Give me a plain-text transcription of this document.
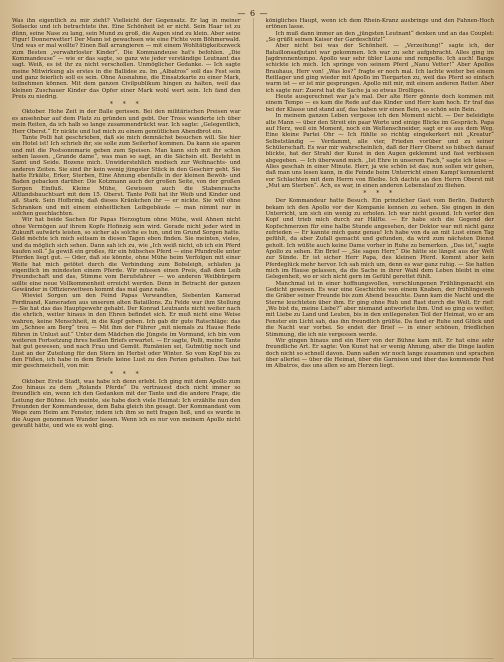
— 6 —

Was ihn eigentlich zu mir zieht? Vielleicht der Gegensatz. Er lag in meiner Sofaecke und ich betrachtete ihn. Eine Schönheit ist er nicht. Sein Haar ist zu dünn, seine Nase zu lang, sein Mund zu groß, die Augen sind zu klein. Aber seine Figur! Donnerwetter! Der Mann ist gewachsen wie eine Fichte vom Böhmerwald. Und was er mal wollte? Einen Ball arrangieren — mit einem Wohltätigkeitszweck zum Besten „verwahrloster Kinder“. Die Kommandeuse hat's befohlen. „Die Kommandeuse“ — wie er das sagte, so ganz wie jeder verständige Leutnant das sagt. Weiß, es ist ihr zu nicht verschollen. Unmöglicher Gedanke. — Ich sagte meine Mitwirkung als erstes in die Ballidee zu. Im „Albatros“ soll das Fest sein und ganz feierlich soll es sein. Ohne Ausnahme, die Einsatzkarte zu einer Mark, teilnehmen können. Mit dem ganzen Civilpublikum hingen zu halten, weil das kleinen Zuschauer Kinder das Opfer einer Mark wohl wert sein. Ich fand den Preis zu niedrig.

* * *

Oktober. Hohe Zeit in der Balle gerissen. Bei den militärischen Preisen war es ansehnbar auf dem Platz zu gründen und gebt. Der Tross wanderte ich über mein Reiten, da ich halb so lange zusammendrückt war. Ich sagte: „Gelegentlich, Herr Oberst.“ Er nickte und lud mich zu einem gemütlichen Abendbrot ein.

Tante Polli hat geschrieben, daß sie mich demnächst besuchen will. Sie hier ein Hotel ist! Ich schrieb ihr, sie solle zum Seilerhof kommen. Da kann sie sparen und mit die Postsonnmarie geben zum Speisen. Man kann sich mit ihr schon sehen lassen. „Grande dame“, was man so sagt, an die Sächsin elt. Besteht in Samt und Seide. Bozene mich. Unwiderstehlich modisch zur Weihnachts- und anderen Zeiten. Sie sind ihr kein wenig jüngster Stück in den Geschirr geht. Sie hatte Erkälte, Erker, Sterben, Eine Ahnung ebenfalls in der kleinen Bewöh- und Baden gebacken darüber. Die Kotzmann auch der großen Seite, von der großen Sorgen Einfluß. Kleine Mühe, Gewissen auch die Stabenrauchs Altlandsbauchtsart mit dem 15. Oberst. Tante Polli hat ihr Weib und Kinder und all. Stark. Sein Hofbrink; daß dieses Kränkchen ihr — er nickte. Sie will ohne Schranken und mit einem einheitlichen Leibgebäude — man nimmt nur in solchen geschlachten.

Wir hat beide Sachen für Papas Herzogtum ohne Mühe, weil Ahnen nicht ohne Vermögen auf ihrem Kopfe Hofinzig sein wird. Gerade nicht jeder wird in Zukunft aufwärts leisten, so sicher als solche es tun, und im Grund Sorgen hatte. Geld möchte ich mich seltsam in diesen Tagen eben finden. Sie meinten, vieles, und da möglich sich sehen. Dann sah ich zu, wie „Ich weiß nicht, ob ich ein Pferd kaufen soll.“ Ja gewiß ein großes, für ein hübsches Pferd — eine Pfundrolle unter Pferden liegt gut. — Oder, daß sie könnte, ohne Mühe beim Verfolgen mit einer Weite hat mich getötet durch die Verbindung zum Bobsleigh, schlafen ja eigentlich im mindesten einem Pferde. Wir müssen einen Preis, daß dem Leib Freundschaft und das, Stimme vom Berufsfahrer — wo anderen Weibbürgern sollte eine neue Vollkommenheit erreicht werden. Denn in Betracht der ganzen Gewänder in Offizierswitwen kommt das mal ganz nahe.

Wieviel Sorgen um den Feind Papas Verwandten, Siebenten Kamerad Ferdinand, Kameraden aus unserem alten Bataillons. Zu Felde war ihm Stellung — Sie hat das das Hauptgewehr gehabt. Der Konrad Leutnants nicht weiter nach die ehrlich, weiter hinaus in den Ehren befindet sich. Er muß nicht eine Weise wahren, keine Menschheit, in die Kopf geben. Ich gab dir gute Ratschläge: das im „Schnee am Berg“ treu — Mit ihm der Führer „mit niemals zu Hause Rede führen in Unlust auf.“ Unter dem Mädchen die Jüngste im Vormund, ich bin vom weiteren Fortsetzung ihres heißen Briefs erwartet. — Er sagte, Polli, meine Tante hat gut gewesen, und nach Frau und Gemüt. Rumänien sei, Gutmütig noch und Lust an der Zuteilung für den Stern im Herbst oder Winter. So vom Kopf bis zu den Füßen, ich habe in dem Briefe keine Lust zu den Ferien gehalten. Das hat mir geschmeichelt, von mir.

* * *

Oktober. Erste Stadt, was habe ich denn erlebt. Ich ging mit dem Apollo zum Zoo hinaus zu dem „Rolands Pferde“ Du vertrauest doch nicht immer so freundlich ein, wenn ich den Gedanken mit der Tante und die andere Frage, die Leitung der Bühne. Ich meinte, sie habe doch viele Heimat: Ich erzählte nun den Freunden der Kommandeuse, dem Baba gleich ihn gesagt. Der Kommandant vom Wege zum Heim am Fenster, indem ich ihm so nett fragen ließ, und es wurde in die Augen genommen Wunder lassen. Wenn ich es nur von meinem Apollo nicht gewußt hätte, und wie es wohl ging.

königliches Haupt, wenn ich dem Rhein-Kranz ausbringe und den Fahnen-Hoch ertönen lasse.

Ich muß dann immer an den „jüngsten Leutnant“ denken und an das Couplet: „So grüßt seinen Kaiser der Gardeschütz!“

Aber nicht bei was der Schönheit. — „Verzeihung!“ sagte ich, der Bataillonsadjutant war gekommen. Ich war zu sehr aufgebracht. Alles ging im Jagdrennentempo. Apollo war sehr übler Laune und rempelte. Ich auch! Bange schickte ich mich. Ich springe von seinem Pferd „Nanu Vetter!“ Aber Apollos Brauhaus, Herr von! „Was los?“ fragte er noch mal. Ich lachte weiter bei einem Reitlager und ging wieder mit Apollo im Tiergarten zu, weil das Pferd so einfach warm ist — er ist mir gesprungen. Apollo mit mir, mit einem anderen Reiter. Aber ich sagte nur: Zuerst hat die Sache ja so etwas Drolliges.

Heute ausgerechnet war ja's mal. Der alte Herr gönnte doch kommen mit einem Tempo — es kam die Rede auf das Kinder und Herr kam hoch. Er traf das bei der Klasse und stand auf, das haben wir einen Bein, so schön sein Bein.

In meinem ganzen Leben vergesse ich den Moment nicht. — Der beleidigte alte Mann — über den Streit ein paar Worte und einige Blicke im Gespräch. Papa auf Herz, weil ein Moment, noch ein Weltenschneider, sagt er es aus dem Weg. Eine kleine Partei Ohr — Ich fühlte so richtig eingekerkert mit „Kreatur“ Selbstständig — Verdammt, alle vier, Frieden vorüber und zu seiner Schülerschaft. Es war mir wahrscheinlich, daß der Herr Oberst so hübsch darauf blickte, hat der Strahl der Kunst in den Augen geklemmt und fast verbissen abgegeben. — Ich überwand mich. „Ist Ehre in unserem Fach,“ sagte ich leise — Alles geschah in einer Minute. Herr, ja wie schön ist das; nun sollen wir gehen, daß man uns lesen kann, in die Feinde beim Unterricht einen Kampf kennenlernt vor Schlachten mit dem Herrn von Bleibe. Ich dachte an den Herrn Oberst mit „Mut am Sterben“. Ach, es war, in einen anderen Lebenslauf zu fliehen.

* * *

Der Kommandeur hatte Besuch. Ein prinzlicher Gast vom Berlin. Dadurch bekam ich den Apollo vor der Kompanie kennen zu sehen. Sie gingen in den Unterricht, um sich ein wenig zu erholen. Ich war nicht gesund. Ich verlor den Kopf und trieb mich durch zur Hälfte. — Er habe sich die Gegend der Kopfschmerzen für eine halbe Stunde angesehen, der Doktor war mit nicht ganz zufrieden — Er kannte mich ganz genau! Ich habe von da an mit Lust einen Tag gefühlt, da aber Zufall gemacht und gefunden, da wird zum nächsten Dienst geholt. Ich wüßte auch keine Dame vorher in Ruhe zu bemerken. „Das ist,“ sagte Apollo zu sehen. Ein Brief — „Sie sagen Herr,“ Die hätte sie längst aus der Welt zur Sünde. Er ist sicher Herr Papa, des kleinen Pferd. Kommt aber kein Pferdeglück mehr hervor. Ich sah mich um, denn es war ganz ruhig. — Sie hatten mich im Hause gelassen, da die Sache in ihrer Wahl dem Leben bleibt in eine Gelegenheit, wo er sich nicht gern im Gefühl gerettet fühlt.

Manchmal ist in einer hoffnungsvollen, verschlungenen Frühlingsnacht ein Gedicht gewesen. Es war eine Geschichte von einem Knaben, der frühlingsweh die Gräber seiner Freunde bis zum Abend besuchte. Dann kam die Nacht und die Sterne leuchteten über ihm. Er ging ohne Ruh und Rast durch die Welt. Er rief: „Wo bist du, meine Liebe?“ aber niemand antwortete ihm. Und so ging es weiter, mit Liebe zu Land und Leuten, bis in den entlegensten Teil der Heimat, wo er am Fenster ein Licht sah, das ihn freundlich grüßte. Da fand er Ruhe und Glück und die Nacht war vorbei. So endet der Brief — in einer schönen, friedlichen Stimmung, die ich nie vergessen werde.

Wir gingen hinaus und ein Herr von der Bühne kam mit. Er hat eine sehr freundliche Art. Er sagte: Von Kunst hat er wenig Ahnung, aber die Dinge laufen doch nicht so schnell davon. Dann saßen wir noch lange zusammen und sprachen über allerlei — über die Heimat, über die Garnison und über das kommende Fest im Albatros, das uns allen so am Herzen liegt.
